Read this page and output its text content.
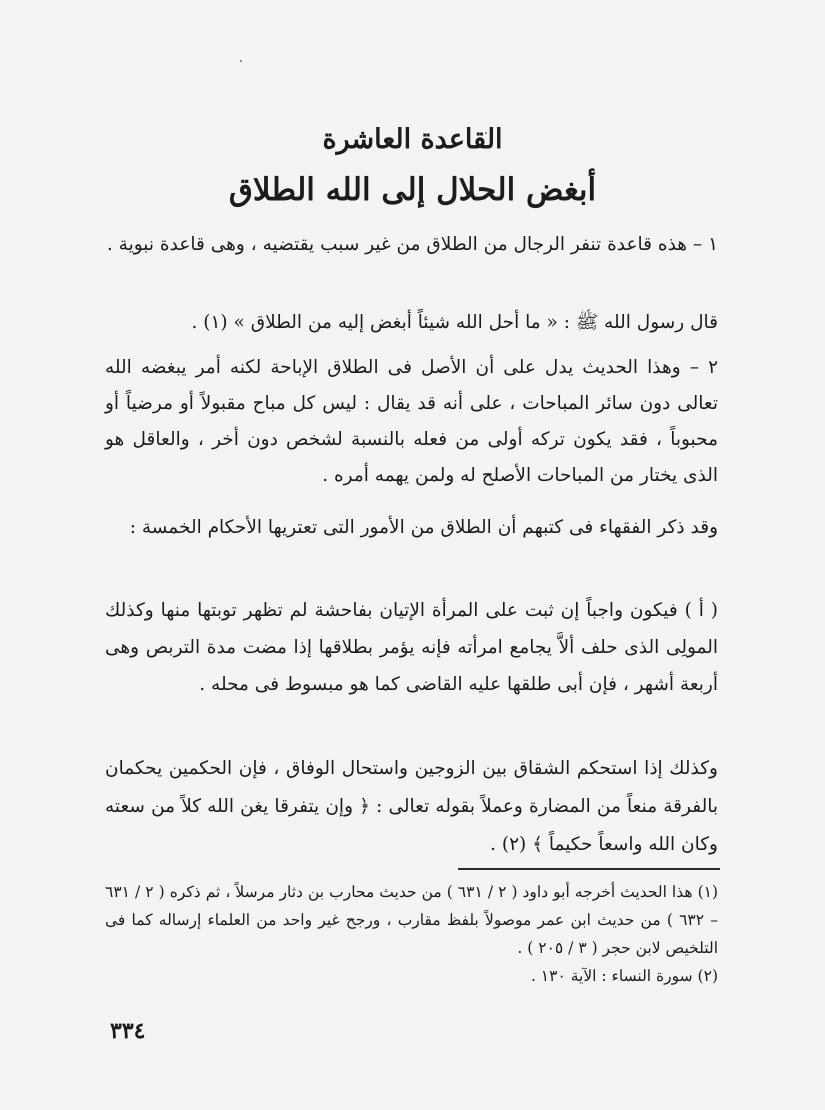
القاعدة العاشرة
أبغض الحلال إلى الله الطلاق

١ – هذه قاعدة تنفر الرجال من الطلاق من غير سبب يقتضيه ، وهى قاعدة نبوية .

قال رسول الله ﷺ : « ما أحل الله شيئاً أبغض إليه من الطلاق » (١) .

٢ – وهذا الحديث يدل على أن الأصل فى الطلاق الإباحة لكنه أمر يبغضه الله تعالى دون سائر المباحات ، على أنه قد يقال : ليس كل مباح مقبولاً أو مرضياً أو محبوباً ، فقد يكون تركه أولى من فعله بالنسبة لشخص دون أخر ، والعاقل هو الذى يختار من المباحات الأصلح له ولمن يهمه أمره .

وقد ذكر الفقهاء فى كتبهم أن الطلاق من الأمور التى تعتريها الأحكام الخمسة :

( أ ) فيكون واجباً إن ثبت على المرأة الإتيان بفاحشة لم تظهر توبتها منها وكذلك المولِى الذى حلف ألاَّ يجامع امرأته فإنه يؤمر بطلاقها إذا مضت مدة التربص وهى أربعة أشهر ، فإن أبى طلقها عليه القاضى كما هو مبسوط فى محله .

وكذلك إذا استحكم الشقاق بين الزوجين واستحال الوفاق ، فإن الحكمين يحكمان بالفرقة منعاً من المضارة وعملاً بقوله تعالى : ﴿ وإن يتفرقا يغن الله كلاً من سعته وكان الله واسعاً حكيماً ﴾ (٢) .

(١) هذا الحديث أخرجه أبو داود ( ٢ / ٦٣١ ) من حديث محارب بن دثار مرسلاً ، ثم ذكره ( ٢ / ٦٣١ – ٦٣٢ ) من حديث ابن عمر موصولاً بلفظ مقارب ، ورجح غير واحد من العلماء إرساله كما فى التلخيص لابن حجر ( ٣ / ٢٠٥ ) .

(٢) سورة النساء : الآية ١٣٠ .

٣٣٤
